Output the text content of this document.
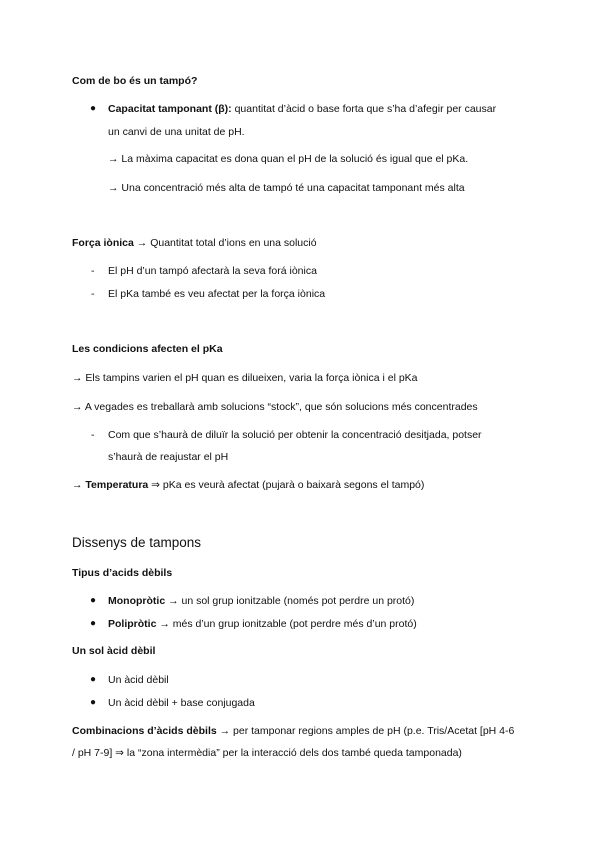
Com de bo és un tampó?
● Capacitat tamponant (β): quantitat d’àcid o base forta que s’ha d’afegir per causar
un canvi de una unitat de pH.
→ La màxima capacitat es dona quan el pH de la solució és igual que el pKa.
→ Una concentració més alta de tampó té una capacitat tamponant més alta
Força iònica → Quantitat total d’ions en una solució
- El pH d’un tampó afectarà la seva forá iònica
- El pKa també es veu afectat per la força iònica
Les condicions afecten el pKa
→ Els tampins varien el pH quan es dilueixen, varia la força iònica i el pKa
→ A vegades es treballarà amb solucions “stock”, que són solucions més concentrades
- Com que s’haurà de diluïr la solució per obtenir la concentració desitjada, potser
s’haurà de reajustar el pH
→ Temperatura ⇒ pKa es veurà afectat (pujarà o baixarà segons el tampó)
Dissenys de tampons
Tipus d’acids dèbils
● Monopròtic → un sol grup ionitzable (només pot perdre un protó)
● Polipròtic → més d’un grup ionitzable (pot perdre més d’un protó)
Un sol àcid dèbil
● Un àcid dèbil
● Un àcid dèbil + base conjugada
Combinacions d’àcids dèbils → per tamponar regions amples de pH (p.e. Tris/Acetat [pH 4-6
/ pH 7-9] ⇒ la “zona intermèdia” per la interacció dels dos també queda tamponada)
